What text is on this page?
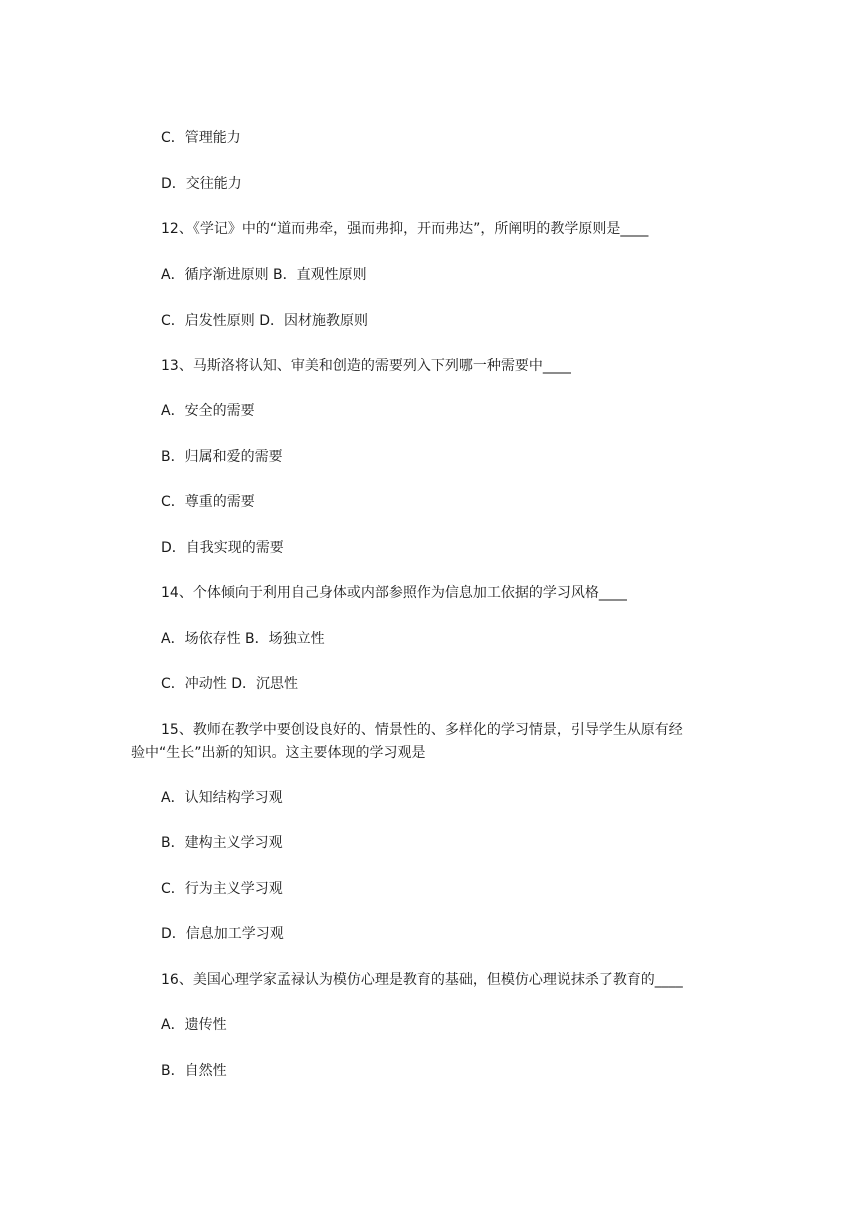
C．管理能力
D．交往能力
12、《学记》中的“道而弗牵，强而弗抑，开而弗达”，所阐明的教学原则是____
A．循序渐进原则 B．直观性原则
C．启发性原则 D．因材施教原则
13、马斯洛将认知、审美和创造的需要列入下列哪一种需要中____
A．安全的需要
B．归属和爱的需要
C．尊重的需要
D．自我实现的需要
14、个体倾向于利用自己身体或内部参照作为信息加工依据的学习风格____
A．场依存性 B．场独立性
C．冲动性 D．沉思性
15、教师在教学中要创设良好的、情景性的、多样化的学习情景，引导学生从原有经
验中“生长”出新的知识。这主要体现的学习观是
A．认知结构学习观
B．建构主义学习观
C．行为主义学习观
D．信息加工学习观
16、美国心理学家孟禄认为模仿心理是教育的基础，但模仿心理说抹杀了教育的____
A．遗传性
B．自然性
